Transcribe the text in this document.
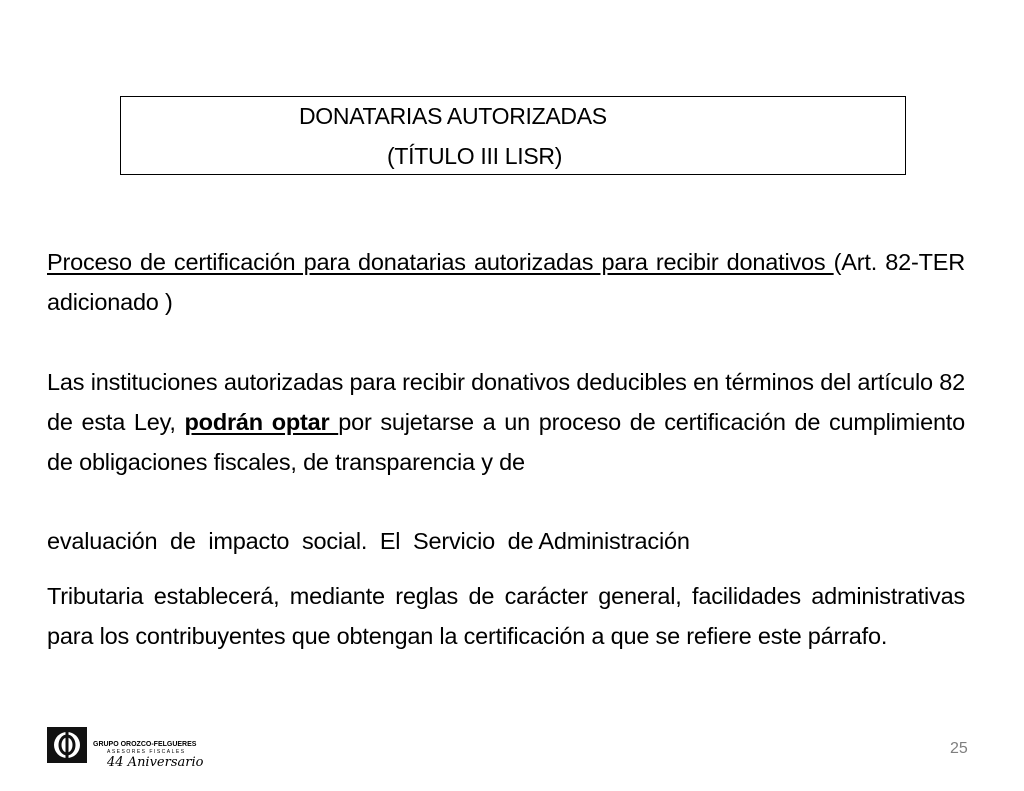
DONATARIAS AUTORIZADAS
(TÍTULO III LISR)
Proceso de certificación para donatarias autorizadas para recibir donativos (Art. 82-TER adicionado )
Las instituciones autorizadas para recibir donativos deducibles en términos del artículo 82 de esta Ley, podrán optar por sujetarse a un proceso de certificación de cumplimiento de obligaciones fiscales, de transparencia y de
evaluación  de  impacto  social.  El  Servicio  de Administración
Tributaria establecerá, mediante reglas de carácter general, facilidades administrativas para los contribuyentes que obtengan la certificación a que se refiere este párrafo.
GRUPO OROZCO-FELGUERES
ASESORES FISCALES
44 Aniversario
25
